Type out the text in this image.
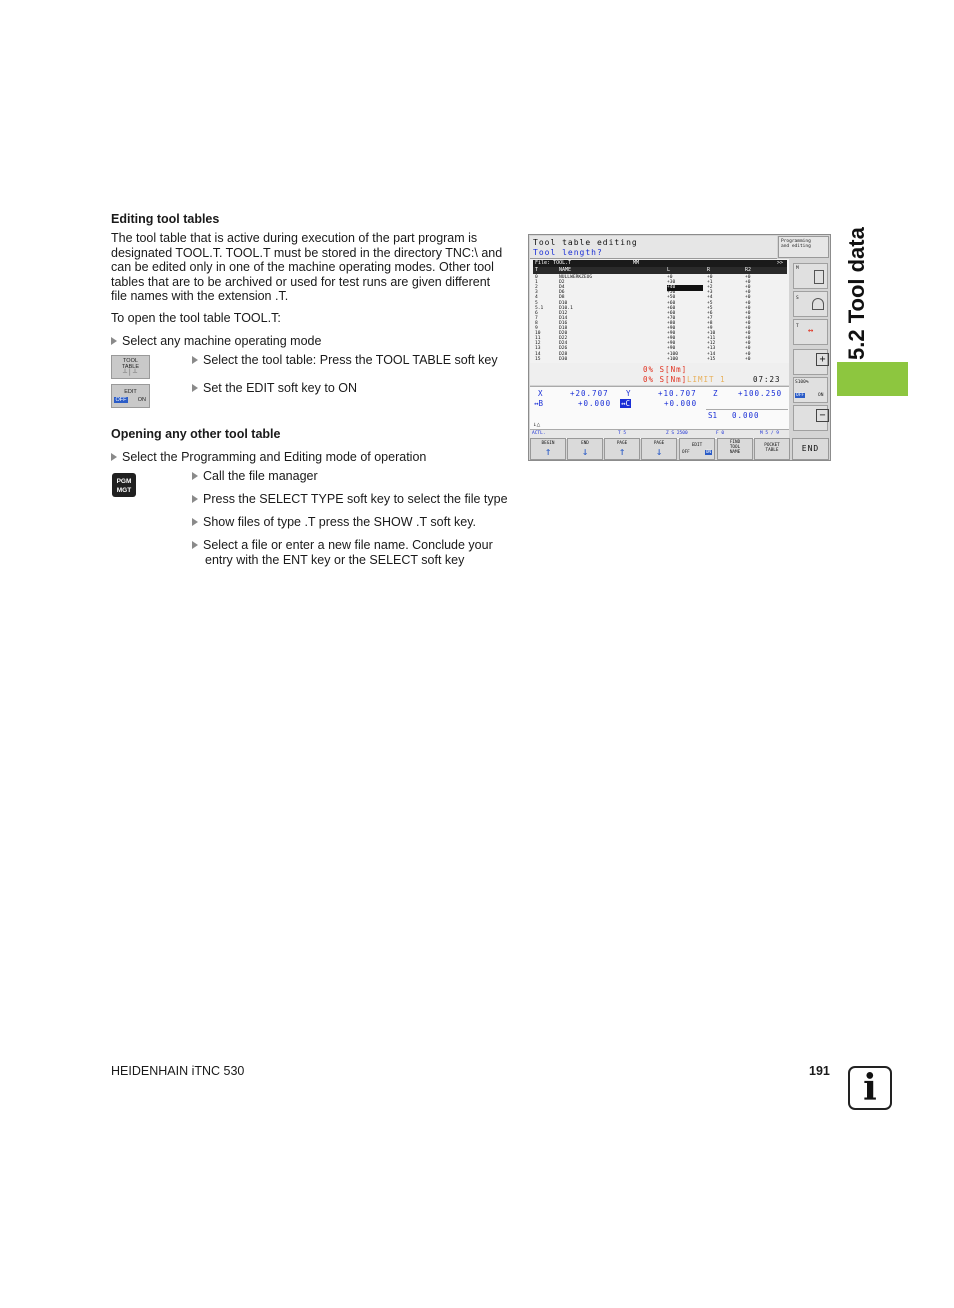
5.2 Tool data
Editing tool tables
The tool table that is active during execution of the part program is
designated TOOL.T. TOOL.T must be stored in the directory TNC:\ and
can be edited only in one of the machine operating modes. Other tool
tables that are to be archived or used for test runs are given different
file names with the extension .T.
To open the tool table TOOL.T:
Select any machine operating mode
TOOL
TABLE
┴│┴
Select the tool table: Press the TOOL TABLE soft key
EDIT
OFF ON
Set the EDIT soft key to ON
Opening any other tool table
Select the Programming and Editing mode of operation
PGM
MGT
Call the file manager
Press the SELECT TYPE soft key to select the file type
Show files of type .T press the SHOW .T soft key.
Select a file or enter a new file name. Conclude your
entry with the ENT key or the SELECT soft key
Tool table editing
Tool length?
Programming
and editing
File: TOOL.T	MM	>>
T	NAME	L	R	R2
0	NULLWERKZEUG	+0	+0	+0
1	D2	+30	+1	+0
2	D4	+40	+2	+0
3	D6	+50	+3	+0
4	D8	+50	+4	+0
5	D10	+60	+5	+0
5.1	D10.1	+60	+5	+0
6	D12	+60	+6	+0
7	D14	+70	+7	+0
8	D16	+80	+8	+0
9	D18	+90	+9	+0
10	D20	+90	+10	+0
11	D22	+90	+11	+0
12	D24	+90	+12	+0
13	D26	+90	+13	+0
14	D28	+100	+14	+0
15	D30	+100	+15	+0
0% S[Nm]
0% S[Nm] LIMIT 1	07:23
X	+20.707 Y	+10.707 Z	+100.250
↔B	+0.000 ↔C	+0.000
S1 0.000
↓△
ACTL.	T 5	Z S 2500	F 0	M 5 / 9
M
S
T ↔
+
S100%
OFF	ON
−
BEGIN
↑
END
↓
PAGE
↑
PAGE
↓	EDIT
OFF	ON
FIND
TOOL
NAME
POCKET
TABLE	END
HEIDENHAIN iTNC 530	191 i
